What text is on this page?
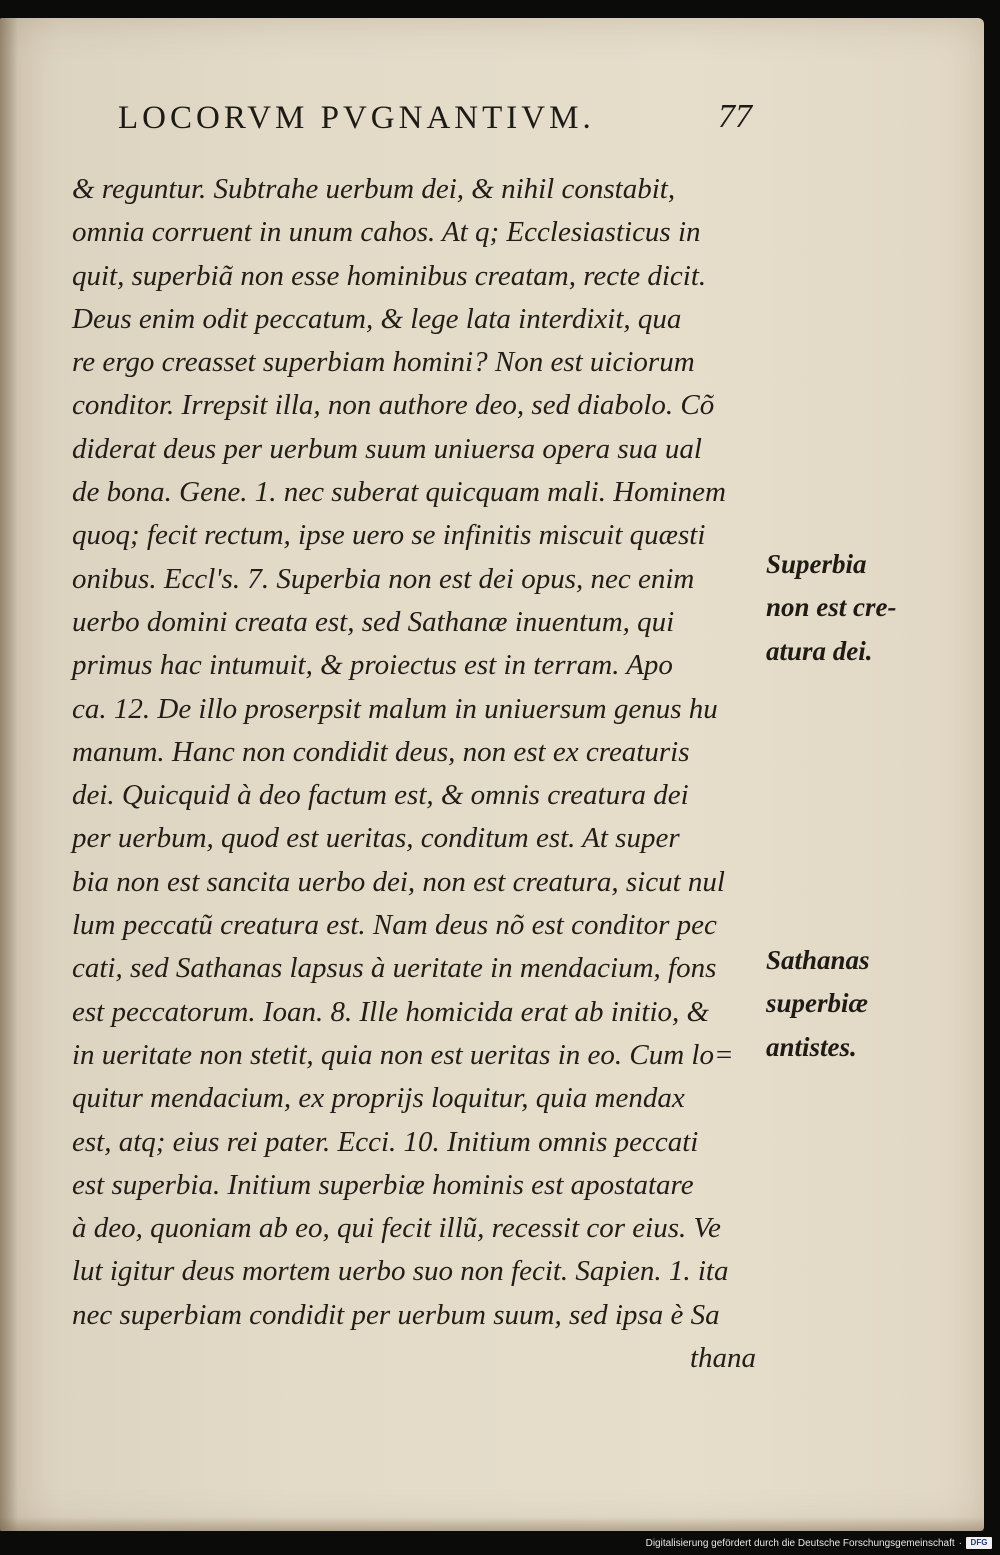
LOCORVM PVGNANTIVM.	77
& reguntur. Subtrahe uerbum dei, & nihil constabit,
omnia corruent in unum cahos. At q; Ecclesiasticus in
quit, superbiã non esse hominibus creatam, recte dicit.
Deus enim odit peccatum, & lege lata interdixit, qua
re ergo creasset superbiam homini? Non est uiciorum
conditor. Irrepsit illa, non authore deo, sed diabolo. Cõ
diderat deus per uerbum suum uniuersa opera sua ual
de bona. Gene. 1. nec suberat quicquam mali. Hominem
quoq; fecit rectum, ipse uero se infinitis miscuit quæsti
onibus. Eccl's. 7. Superbia non est dei opus, nec enim
uerbo domini creata est, sed Sathanæ inuentum, qui
primus hac intumuit, & proiectus est in terram. Apo
ca. 12. De illo proserpsit malum in uniuersum genus hu
manum. Hanc non condidit deus, non est ex creaturis
dei. Quicquid à deo factum est, & omnis creatura dei
per uerbum, quod est ueritas, conditum est. At super
bia non est sancita uerbo dei, non est creatura, sicut nul
lum peccatũ creatura est. Nam deus nõ est conditor pec
cati, sed Sathanas lapsus à ueritate in mendacium, fons
est peccatorum. Ioan. 8. Ille homicida erat ab initio, &
in ueritate non stetit, quia non est ueritas in eo. Cum lo=
quitur mendacium, ex proprijs loquitur, quia mendax
est, atq; eius rei pater. Ecci. 10. Initium omnis peccati
est superbia. Initium superbiæ hominis est apostatare
à deo, quoniam ab eo, qui fecit illũ, recessit cor eius. Ve
lut igitur deus mortem uerbo suo non fecit. Sapien. 1. ita
nec superbiam condidit per uerbum suum, sed ipsa è Sa
thana
Superbia
non est cre-
atura dei.
Sathanas
superbiæ
antistes.
Digitalisierung gefördert durch die Deutsche Forschungsgemeinschaft ·	DFG
